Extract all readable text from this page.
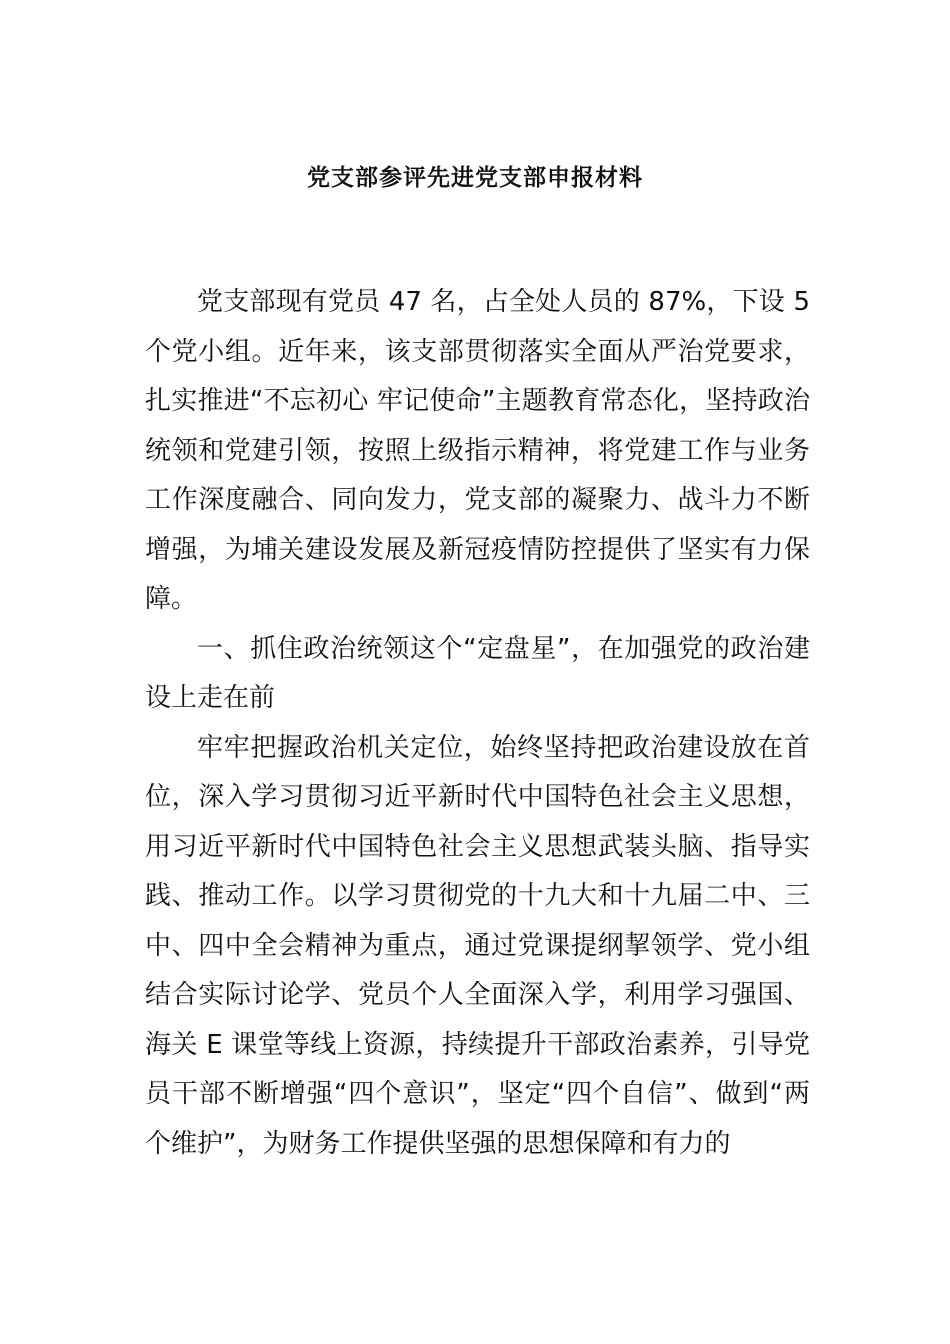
党支部参评先进党支部申报材料

党支部现有党员 47 名，占全处人员的 87%，下设 5 个党小组。近年来，该支部贯彻落实全面从严治党要求，扎实推进“不忘初心 牢记使命”主题教育常态化，坚持政治统领和党建引领，按照上级指示精神，将党建工作与业务工作深度融合、同向发力，党支部的凝聚力、战斗力不断增强，为埔关建设发展及新冠疫情防控提供了坚实有力保障。

一、抓住政治统领这个“定盘星”，在加强党的政治建设上走在前

牢牢把握政治机关定位，始终坚持把政治建设放在首位，深入学习贯彻习近平新时代中国特色社会主义思想，用习近平新时代中国特色社会主义思想武装头脑、指导实践、推动工作。以学习贯彻党的十九大和十九届二中、三中、四中全会精神为重点，通过党课提纲挈领学、党小组结合实际讨论学、党员个人全面深入学，利用学习强国、海关 E 课堂等线上资源，持续提升干部政治素养，引导党员干部不断增强“四个意识”，坚定“四个自信”、做到“两个维护”，为财务工作提供坚强的思想保障和有力的
